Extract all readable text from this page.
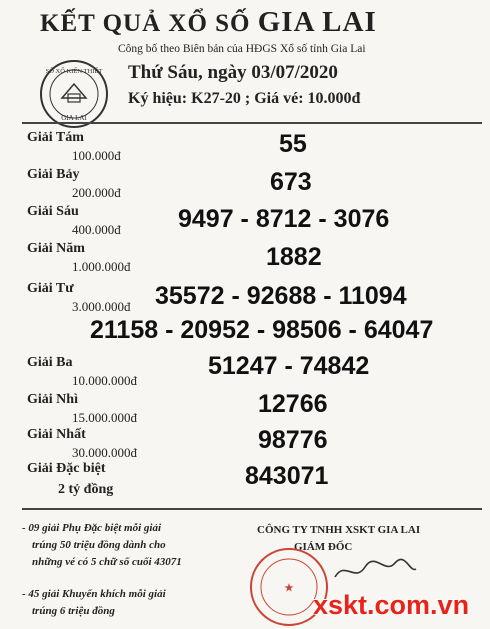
KẾT QUẢ XỔ SỐ GIA LAI
Công bố theo Biên bản của HĐGS Xổ số tỉnh Gia Lai
Thứ Sáu, ngày 03/07/2020
Ký hiệu: K27-20 ; Giá vé: 10.000đ
SỔ XỔ KIẾN THIẾT
GIA LAI
Giải Tám
100.000đ	55
Giải Bảy
200.000đ	673
Giải Sáu
400.000đ 9497 - 8712 - 3076
Giải Năm
1.000.000đ	1882
Giải Tư
3.000.000đ 35572 - 92688 - 11094
21158 - 20952 - 98506 - 64047
Giải Ba
10.000.000đ
51247 - 74842
Giải Nhì
15.000.000đ	12766
Giải Nhất
30.000.000đ	98776
Giải Đặc biệt
2 tỷ đồng	843071
- 09 giải Phụ Đặc biệt mỗi giải
trúng 50 triệu đồng dành cho
những vé có 5 chữ số cuối 43071
- 45 giải Khuyến khích mỗi giải
trúng 6 triệu đồng
CÔNG TY TNHH XSKT GIA LAI
GIÁM ĐỐC
★
xskt.com.vn
